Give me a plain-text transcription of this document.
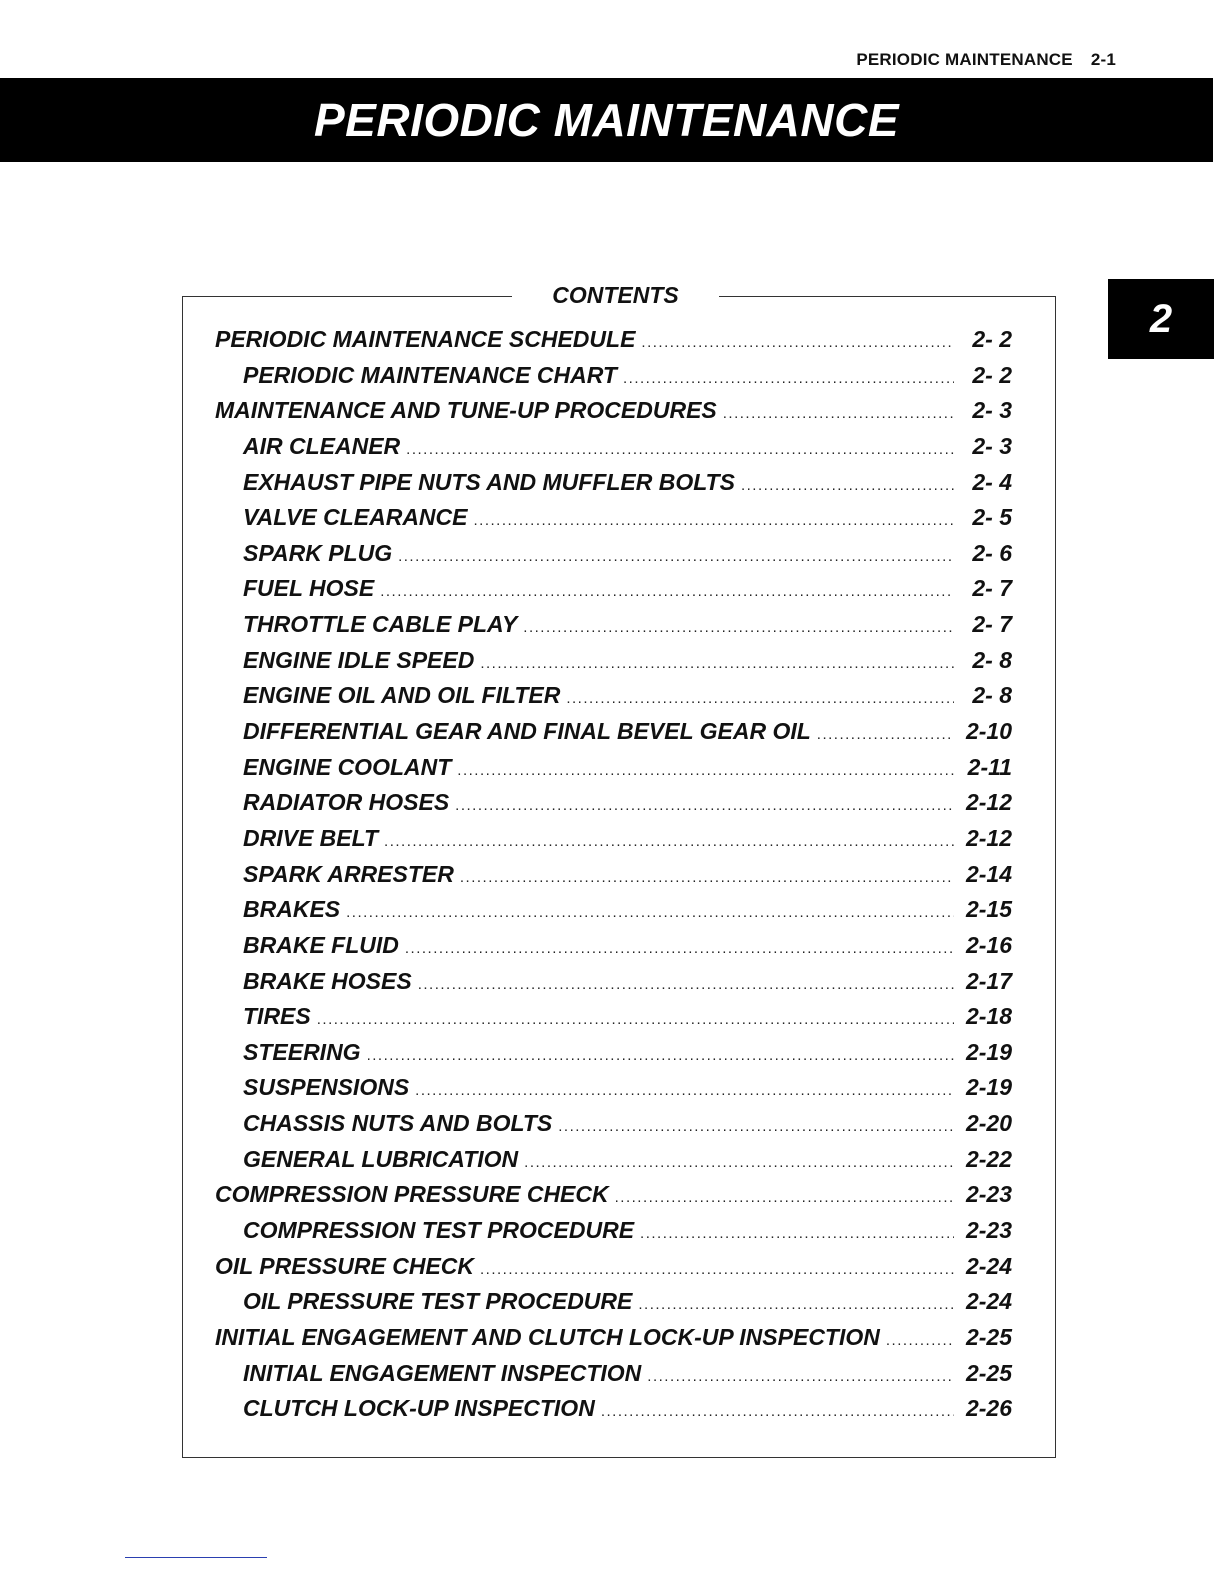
PERIODIC MAINTENANCE 2-1
PERIODIC MAINTENANCE
2
CONTENTS
PERIODIC MAINTENANCE SCHEDULE .....	2- 2
PERIODIC MAINTENANCE CHART .....	2- 2
MAINTENANCE AND TUNE-UP PROCEDURES .....	2- 3
AIR CLEANER .....	2- 3
EXHAUST PIPE NUTS AND MUFFLER BOLTS .....	2- 4
VALVE CLEARANCE .....	2- 5
SPARK PLUG .....	2- 6
FUEL HOSE .....	2- 7
THROTTLE CABLE PLAY .....	2- 7
ENGINE IDLE SPEED .....	2- 8
ENGINE OIL AND OIL FILTER .....	2- 8
DIFFERENTIAL GEAR AND FINAL BEVEL GEAR OIL .....	2-10
ENGINE COOLANT .....	2-11
RADIATOR HOSES .....	2-12
DRIVE BELT .....	2-12
SPARK ARRESTER .....	2-14
BRAKES .....	2-15
BRAKE FLUID .....	2-16
BRAKE HOSES .....	2-17
TIRES .....	2-18
STEERING .....	2-19
SUSPENSIONS .....	2-19
CHASSIS NUTS AND BOLTS .....	2-20
GENERAL LUBRICATION .....	2-22
COMPRESSION PRESSURE CHECK .....	2-23
COMPRESSION TEST PROCEDURE .....	2-23
OIL PRESSURE CHECK .....	2-24
OIL PRESSURE TEST PROCEDURE .....	2-24
INITIAL ENGAGEMENT AND CLUTCH LOCK-UP INSPECTION .....	2-25
INITIAL ENGAGEMENT INSPECTION .....	2-25
CLUTCH LOCK-UP INSPECTION .....	2-26
